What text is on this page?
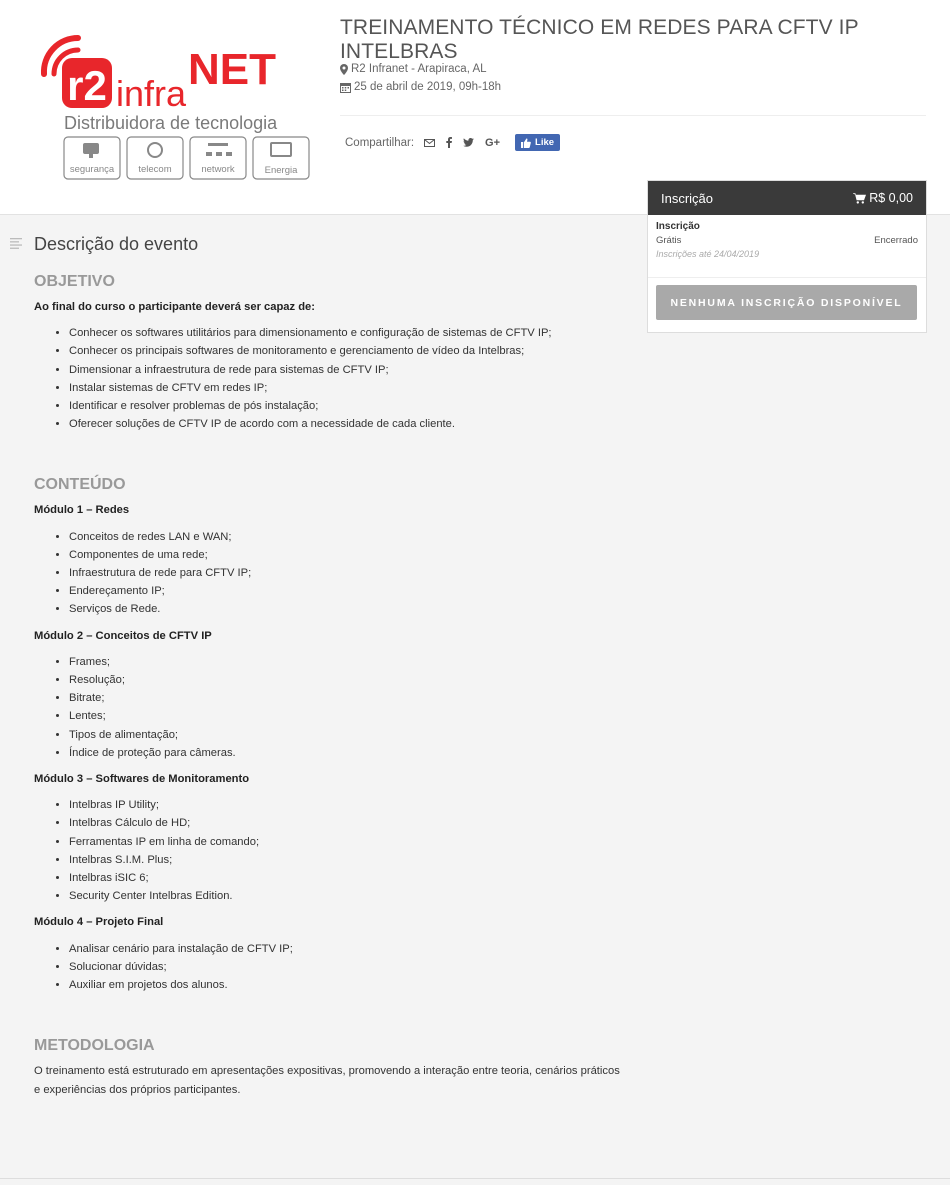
r2 infra NET
Distribuidora de tecnologia
segurança	telecom	network	Energia
TREINAMENTO TÉCNICO EM REDES PARA CFTV IP INTELBRAS
R2 Infranet - Arapiraca, AL
25 de abril de 2019, 09h-18h
Compartilhar:	G+	Like
Inscrição	R$ 0,00
Inscrição
Grátis	Encerrado
Inscrições até 24/04/2019
NENHUMA INSCRIÇÃO DISPONÍVEL
Descrição do evento
OBJETIVO

Ao final do curso o participante deverá ser capaz de:

• Conhecer os softwares utilitários para dimensionamento e configuração de sistemas de CFTV IP;
• Conhecer os principais softwares de monitoramento e gerenciamento de vídeo da Intelbras;
• Dimensionar a infraestrutura de rede para sistemas de CFTV IP;
• Instalar sistemas de CFTV em redes IP;
• Identificar e resolver problemas de pós instalação;
• Oferecer soluções de CFTV IP de acordo com a necessidade de cada cliente.
CONTEÚDO

Módulo 1 – Redes

• Conceitos de redes LAN e WAN;
• Componentes de uma rede;
• Infraestrutura de rede para CFTV IP;
• Endereçamento IP;
• Serviços de Rede.

Módulo 2 – Conceitos de CFTV IP

• Frames;
• Resolução;
• Bitrate;
• Lentes;
• Tipos de alimentação;
• Índice de proteção para câmeras.

Módulo 3 – Softwares de Monitoramento

• Intelbras IP Utility;
• Intelbras Cálculo de HD;
• Ferramentas IP em linha de comando;
• Intelbras S.I.M. Plus;
• Intelbras iSIC 6;
• Security Center Intelbras Edition.

Módulo 4 – Projeto Final

• Analisar cenário para instalação de CFTV IP;
• Solucionar dúvidas;
• Auxiliar em projetos dos alunos.
METODOLOGIA

O treinamento está estruturado em apresentações expositivas, promovendo a interação entre teoria, cenários práticos e experiências dos próprios participantes.
